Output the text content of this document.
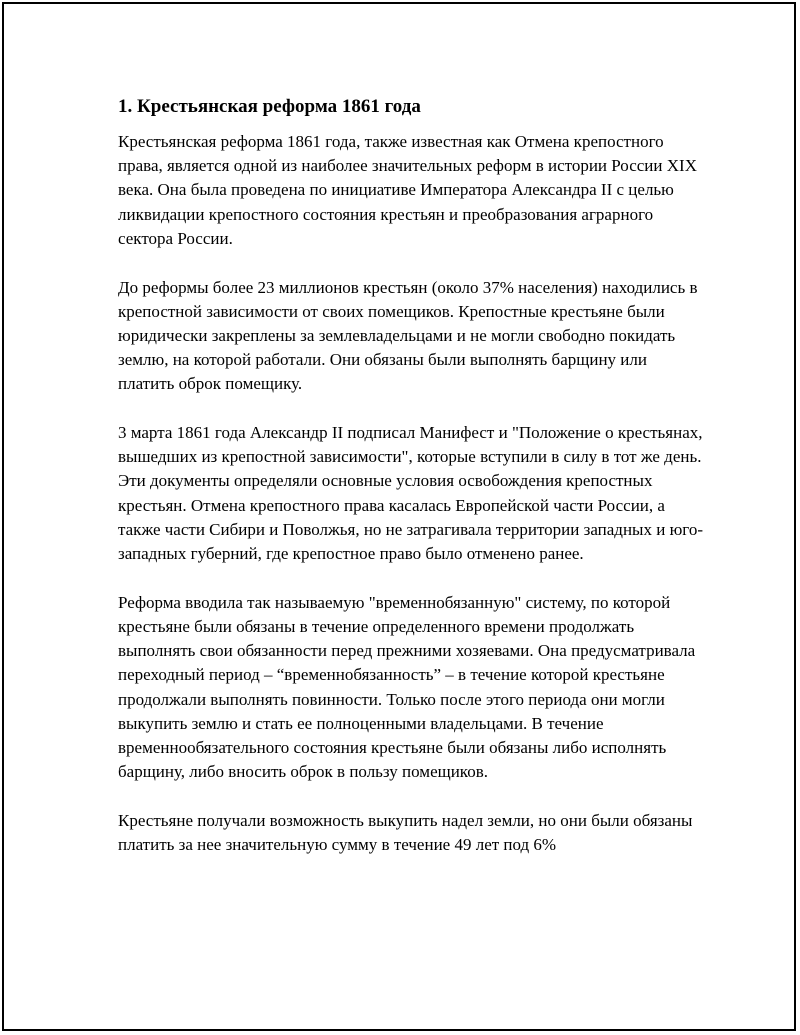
1. Крестьянская реформа 1861 года

Крестьянская реформа 1861 года, также известная как Отмена крепостного права, является одной из наиболее значительных реформ в истории России XIX века. Она была проведена по инициативе Императора Александра II с целью ликвидации крепостного состояния крестьян и преобразования аграрного сектора России.

До реформы более 23 миллионов крестьян (около 37% населения) находились в крепостной зависимости от своих помещиков. Крепостные крестьяне были юридически закреплены за землевладельцами и не могли свободно покидать землю, на которой работали. Они обязаны были выполнять барщину или платить оброк помещику.

3 марта 1861 года Александр II подписал Манифест и "Положение о крестьянах, вышедших из крепостной зависимости", которые вступили в силу в тот же день. Эти документы определяли основные условия освобождения крепостных крестьян. Отмена крепостного права касалась Европейской части России, а также части Сибири и Поволжья, но не затрагивала территории западных и юго-западных губерний, где крепостное право было отменено ранее.

Реформа вводила так называемую "временнобязанную" систему, по которой крестьяне были обязаны в течение определенного времени продолжать выполнять свои обязанности перед прежними хозяевами. Она предусматривала переходный период – “временнобязанность” – в течение которой крестьяне продолжали выполнять повинности. Только после этого периода они могли выкупить землю и стать ее полноценными владельцами. В течение временнообязательного состояния крестьяне были обязаны либо исполнять барщину, либо вносить оброк в пользу помещиков.

Крестьяне получали возможность выкупить надел земли, но они были обязаны платить за нее значительную сумму в течение 49 лет под 6%
